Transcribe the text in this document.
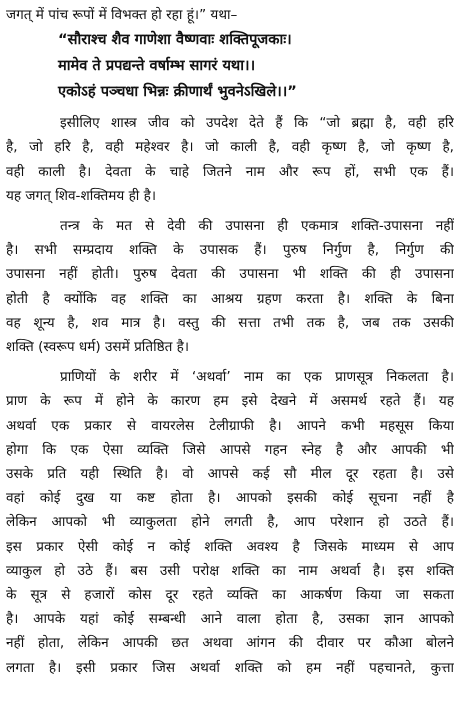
जगत् में पांच रूपों में विभक्त हो रहा हूं।” यथा–
“सौराश्च शैव गाणेशा वैष्णवाः शक्तिपूजकाः।
मामेव ते प्रपद्यन्ते वर्षाम्भ सागरं यथा।।
एकोऽहं पञ्चधा भिन्नः क्रीणार्थं भुवनेऽखिले।।”
इसीलिए शास्त्र जीव को उपदेश देते हैं कि “जो ब्रह्मा है, वही हरि
है, जो हरि है, वही महेश्वर है। जो काली है, वही कृष्ण है, जो कृष्ण है,
वही काली है। देवता के चाहे जितने नाम और रूप हों, सभी एक हैं।
यह जगत् शिव-शक्तिमय ही है।
तन्त्र के मत से देवी की उपासना ही एकमात्र शक्ति-उपासना नहीं
है। सभी सम्प्रदाय शक्ति के उपासक हैं। पुरुष निर्गुण है, निर्गुण की
उपासना नहीं होती। पुरुष देवता की उपासना भी शक्ति की ही उपासना
होती है क्योंकि वह शक्ति का आश्रय ग्रहण करता है। शक्ति के बिना
वह शून्य है, शव मात्र है। वस्तु की सत्ता तभी तक है, जब तक उसकी
शक्ति (स्वरूप धर्म) उसमें प्रतिष्ठित है।
प्राणियों के शरीर में ‘अथर्वा’ नाम का एक प्राणसूत्र निकलता है।
प्राण के रूप में होने के कारण हम इसे देखने में असमर्थ रहते हैं। यह
अथर्वा एक प्रकार से वायरलेस टेलीग्राफी है। आपने कभी महसूस किया
होगा कि एक ऐसा व्यक्ति जिसे आपसे गहन स्नेह है और आपकी भी
उसके प्रति यही स्थिति है। वो आपसे कई सौ मील दूर रहता है। उसे
वहां कोई दुख या कष्ट होता है। आपको इसकी कोई सूचना नहीं है
लेकिन आपको भी व्याकुलता होने लगती है, आप परेशान हो उठते हैं।
इस प्रकार ऐसी कोई न कोई शक्ति अवश्य है जिसके माध्यम से आप
व्याकुल हो उठे हैं। बस उसी परोक्ष शक्ति का नाम अथर्वा है। इस शक्ति
के सूत्र से हजारों कोस दूर रहते व्यक्ति का आकर्षण किया जा सकता
है। आपके यहां कोई सम्बन्धी आने वाला होता है, उसका ज्ञान आपको
नहीं होता, लेकिन आपकी छत अथवा आंगन की दीवार पर कौआ बोलने
लगता है। इसी प्रकार जिस अथर्वा शक्ति को हम नहीं पहचानते, कुत्ता
